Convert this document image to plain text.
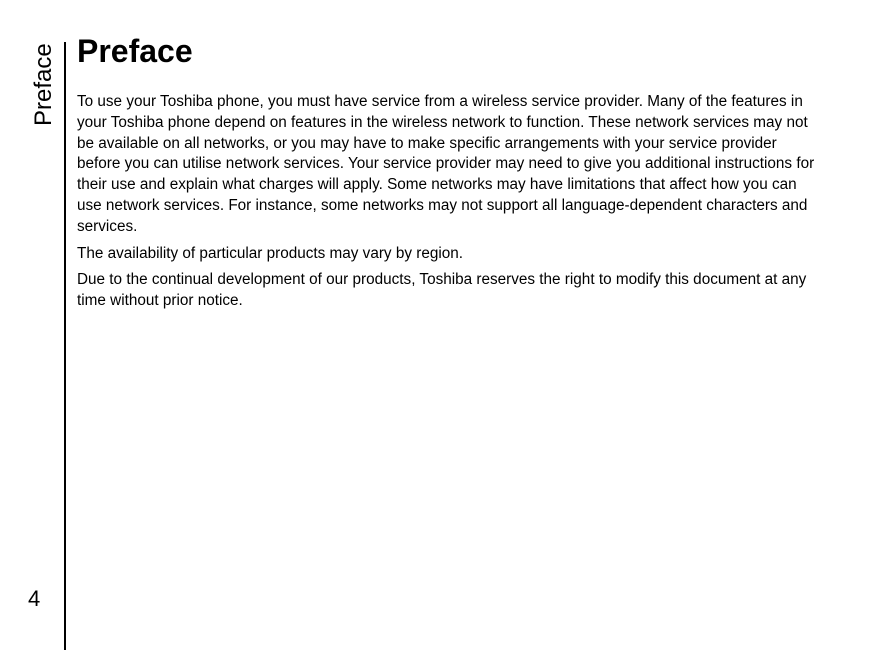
Preface
4
Preface

To use your Toshiba phone, you must have service from a wireless service provider. Many of the features in your Toshiba phone depend on features in the wireless network to function. These network services may not be available on all networks, or you may have to make specific arrangements with your service provider before you can utilise network services. Your service provider may need to give you additional instructions for their use and explain what charges will apply. Some networks may have limitations that affect how you can use network services. For instance, some networks may not support all language-dependent characters and services.

The availability of particular products may vary by region.

Due to the continual development of our products, Toshiba reserves the right to modify this document at any time without prior notice.
